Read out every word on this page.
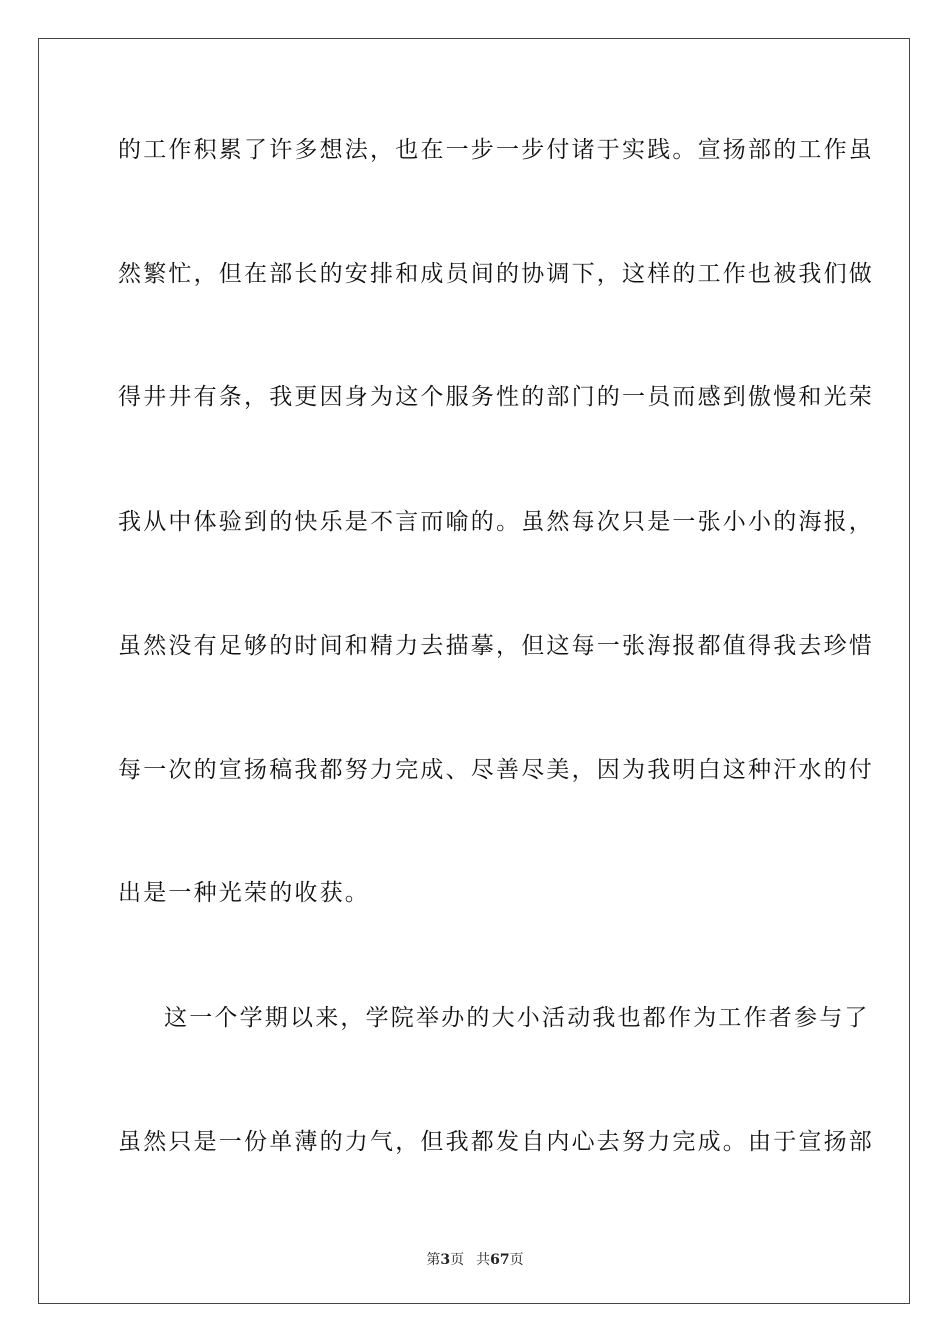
的工作积累了许多想法，也在一步一步付诸于实践。宣扬部的工作虽
然繁忙，但在部长的安排和成员间的协调下，这样的工作也被我们做
得井井有条，我更因身为这个服务性的部门的一员而感到傲慢和光荣
我从中体验到的快乐是不言而喻的。虽然每次只是一张小小的海报，
虽然没有足够的时间和精力去描摹，但这每一张海报都值得我去珍惜
每一次的宣扬稿我都努力完成、尽善尽美，因为我明白这种汗水的付
出是一种光荣的收获。
这一个学期以来，学院举办的大小活动我也都作为工作者参与了
虽然只是一份单薄的力气，但我都发自内心去努力完成。由于宣扬部
第3页 共67页
